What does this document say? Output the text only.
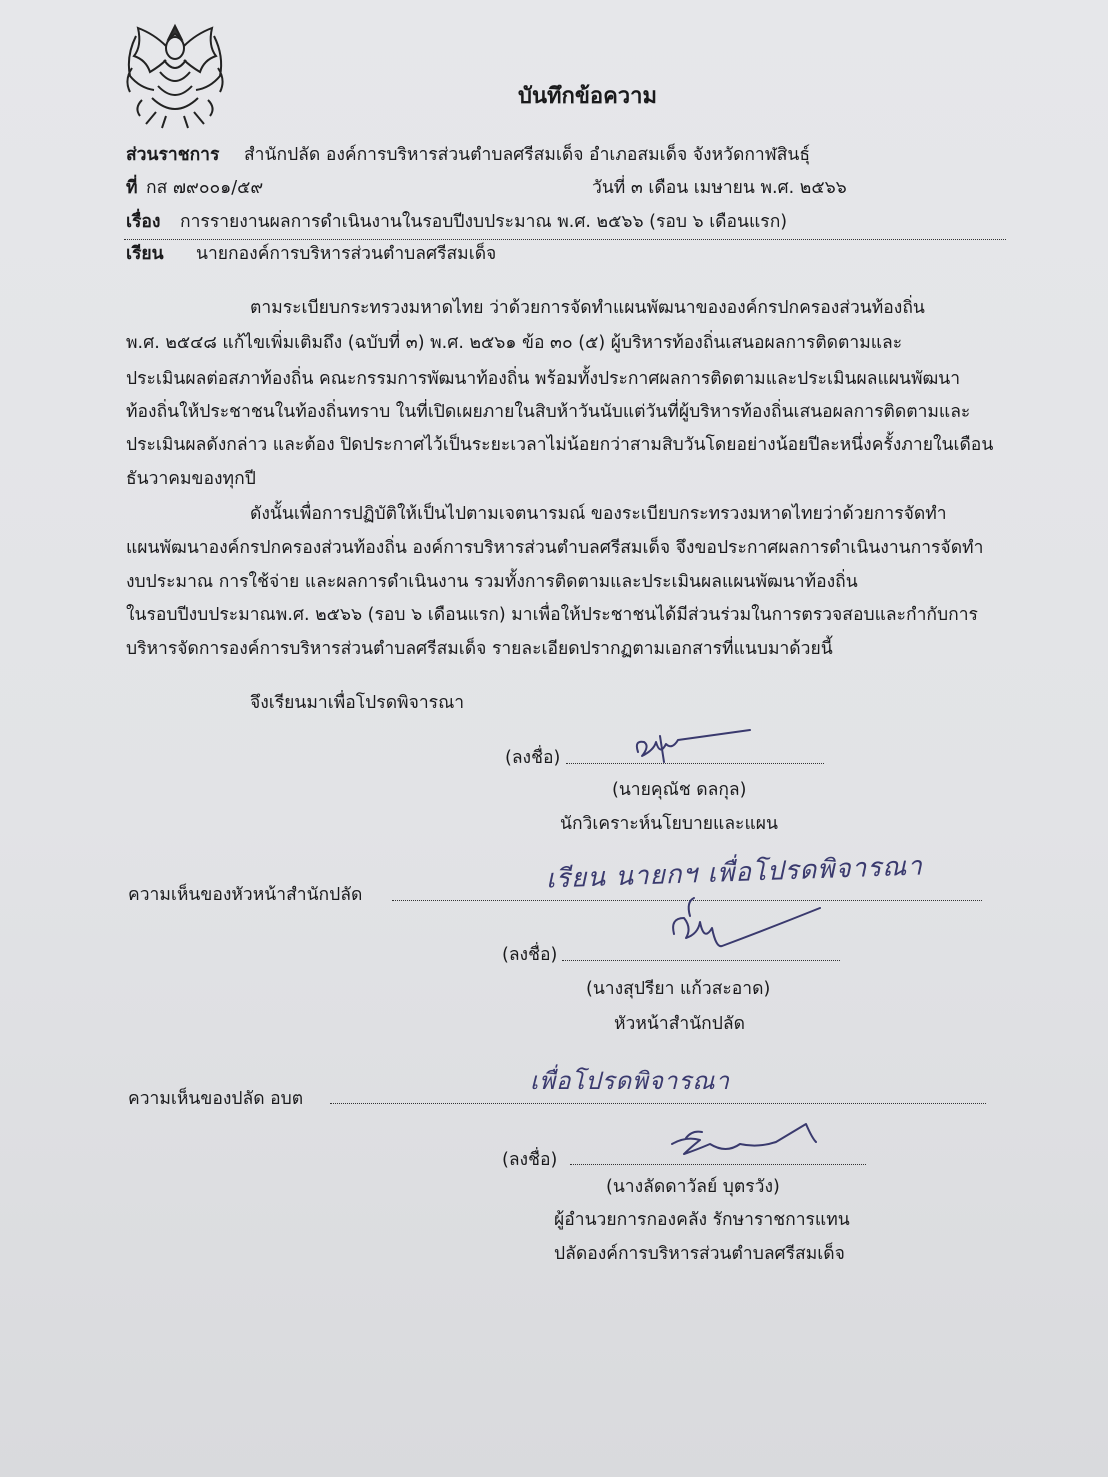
บันทึกข้อความ
ส่วนราชการ สำนักปลัด องค์การบริหารส่วนตำบลศรีสมเด็จ อำเภอสมเด็จ จังหวัดกาฬสินธุ์
ที่ กส ๗๙๐๐๑/๕๙	วันที่ ๓ เดือน เมษายน พ.ศ. ๒๕๖๖
เรื่อง การรายงานผลการดำเนินงานในรอบปีงบประมาณ พ.ศ. ๒๕๖๖ (รอบ ๖ เดือนแรก)
เรียน นายกองค์การบริหารส่วนตำบลศรีสมเด็จ
ตามระเบียบกระทรวงมหาดไทย ว่าด้วยการจัดทำแผนพัฒนาขององค์กรปกครองส่วนท้องถิ่น
พ.ศ. ๒๕๔๘ แก้ไขเพิ่มเติมถึง (ฉบับที่ ๓) พ.ศ. ๒๕๖๑ ข้อ ๓๐ (๕) ผู้บริหารท้องถิ่นเสนอผลการติดตามและ
ประเมินผลต่อสภาท้องถิ่น คณะกรรมการพัฒนาท้องถิ่น พร้อมทั้งประกาศผลการติดตามและประเมินผลแผนพัฒนา
ท้องถิ่นให้ประชาชนในท้องถิ่นทราบ ในที่เปิดเผยภายในสิบห้าวันนับแต่วันที่ผู้บริหารท้องถิ่นเสนอผลการติดตามและ
ประเมินผลดังกล่าว และต้อง ปิดประกาศไว้เป็นระยะเวลาไม่น้อยกว่าสามสิบวันโดยอย่างน้อยปีละหนึ่งครั้งภายในเดือน
ธันวาคมของทุกปี
ดังนั้นเพื่อการปฏิบัติให้เป็นไปตามเจตนารมณ์ ของระเบียบกระทรวงมหาดไทยว่าด้วยการจัดทำ
แผนพัฒนาองค์กรปกครองส่วนท้องถิ่น องค์การบริหารส่วนตำบลศรีสมเด็จ จึงขอประกาศผลการดำเนินงานการจัดทำ
งบประมาณ การใช้จ่าย และผลการดำเนินงาน รวมทั้งการติดตามและประเมินผลแผนพัฒนาท้องถิ่น
ในรอบปีงบประมาณพ.ศ. ๒๕๖๖ (รอบ ๖ เดือนแรก) มาเพื่อให้ประชาชนได้มีส่วนร่วมในการตรวจสอบและกำกับการ
บริหารจัดการองค์การบริหารส่วนตำบลศรีสมเด็จ รายละเอียดปรากฏตามเอกสารที่แนบมาด้วยนี้
จึงเรียนมาเพื่อโปรดพิจารณา
(ลงชื่อ)
(นายคุณัช ดลกุล)
นักวิเคราะห์นโยบายและแผน
ความเห็นของหัวหน้าสำนักปลัด
เรียน นายกฯ เพื่อโปรดพิจารณา
(ลงชื่อ)
(นางสุปรียา แก้วสะอาด)
หัวหน้าสำนักปลัด
ความเห็นของปลัด อบต
เพื่อโปรดพิจารณา
(ลงชื่อ)
(นางลัดดาวัลย์ บุตรวัง)
ผู้อำนวยการกองคลัง รักษาราชการแทน
ปลัดองค์การบริหารส่วนตำบลศรีสมเด็จ
